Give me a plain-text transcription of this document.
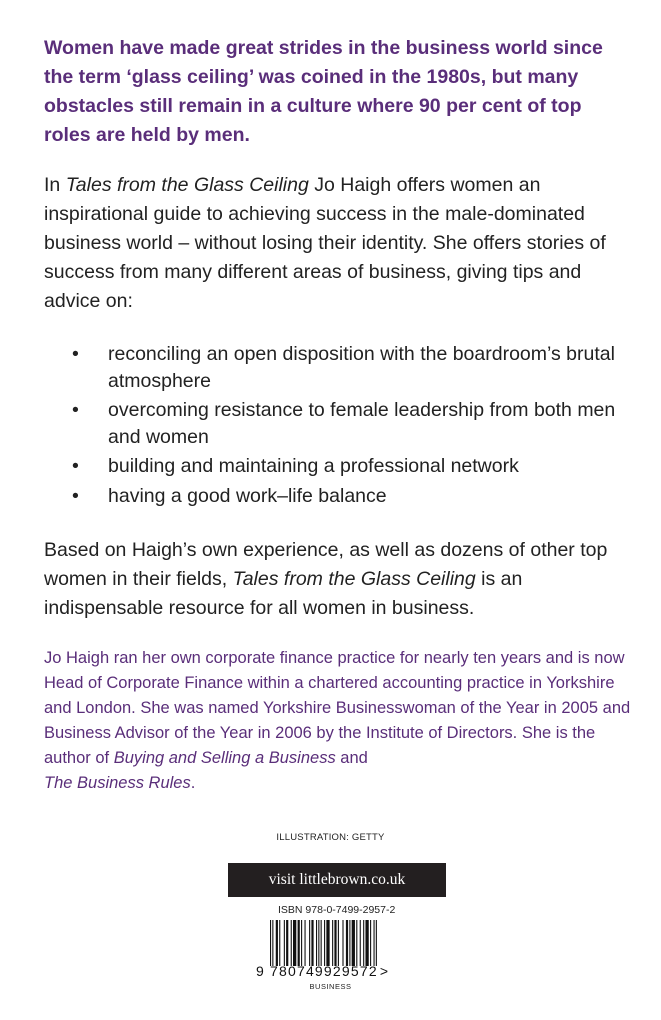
Women have made great strides in the business world since the term ‘glass ceiling’ was coined in the 1980s, but many obstacles still remain in a culture where 90 per cent of top roles are held by men.

In Tales from the Glass Ceiling Jo Haigh offers women an inspirational guide to achieving success in the male-dominated business world – without losing their identity. She offers stories of success from many different areas of business, giving tips and advice on:

• reconciling an open disposition with the boardroom’s brutal atmosphere
• overcoming resistance to female leadership from both men and women
• building and maintaining a professional network
• having a good work–life balance

Based on Haigh’s own experience, as well as dozens of other top women in their fields, Tales from the Glass Ceiling is an indispensable resource for all women in business.

Jo Haigh ran her own corporate finance practice for nearly ten years and is now Head of Corporate Finance within a chartered accounting practice in Yorkshire and London. She was named Yorkshire Businesswoman of the Year in 2005 and Business Advisor of the Year in 2006 by the Institute of Directors. She is the author of Buying and Selling a Business and
The Business Rules.

ILLUSTRATION: GETTY
visit littlebrown.co.uk
ISBN 978-0-7499-2957-2
9 780749929572 >
BUSINESS
